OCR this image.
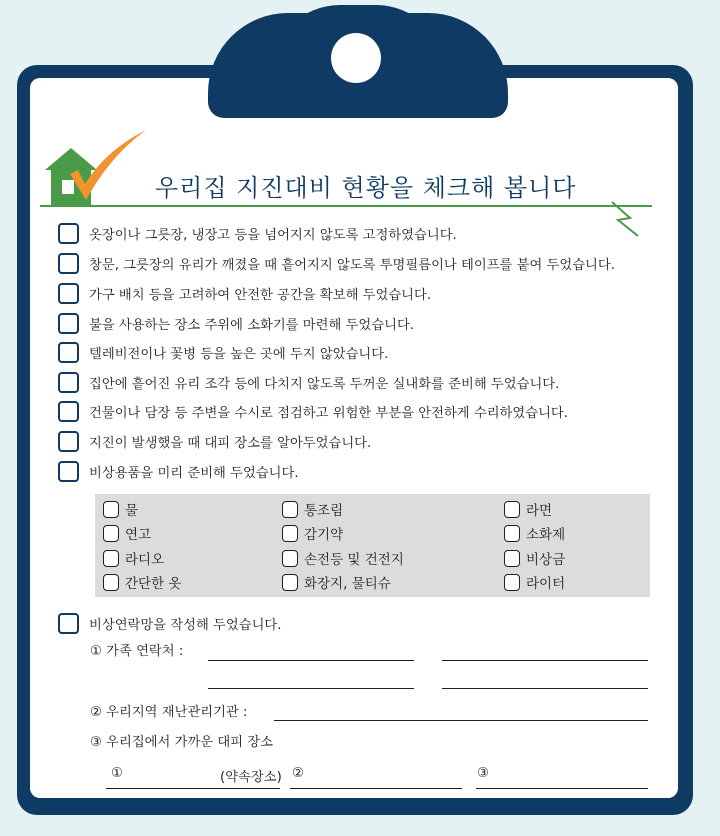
우리집 지진대비 현황을 체크해 봅니다
옷장이나 그릇장, 냉장고 등을 넘어지지 않도록 고정하였습니다.
창문, 그릇장의 유리가 깨졌을 때 흩어지지 않도록 투명필름이나 테이프를 붙여 두었습니다.
가구 배치 등을 고려하여 안전한 공간을 확보해 두었습니다.
불을 사용하는 장소 주위에 소화기를 마련해 두었습니다.
텔레비전이나 꽃병 등을 높은 곳에 두지 않았습니다.
집안에 흩어진 유리 조각 등에 다치지 않도록 두꺼운 실내화를 준비해 두었습니다.
건물이나 담장 등 주변을 수시로 점검하고 위험한 부분을 안전하게 수리하였습니다.
지진이 발생했을 때 대피 장소를 알아두었습니다.
비상용품을 미리 준비해 두었습니다.
물	통조림	라면
연고	감기약	소화제
라디오	손전등 및 건전지	비상금
간단한 옷	화장지, 물티슈	라이터
비상연락망을 작성해 두었습니다.
① 가족 연락처 :
② 우리지역 재난관리기관 :
③ 우리집에서 가까운 대피 장소
①	(약속장소) ②	③
